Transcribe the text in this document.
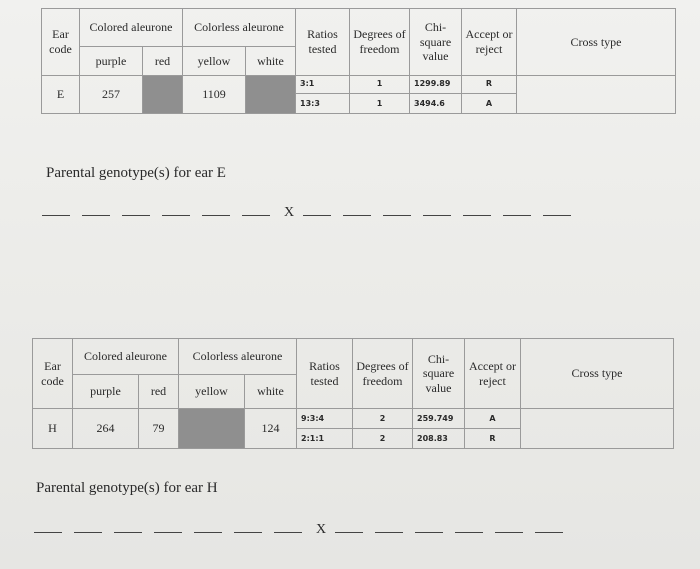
Ear code	Colored aleurone		Colorless aleurone		Ratios tested	Degrees of freedom	Chi-square value	Accept or reject	Cross type
	purple	red	yellow	white					
E	257		1109		3:1	1	1299.89	R	
					13:3	1	3494.6	A	
Parental genotype(s) for ear E
X
Ear code	Colored aleurone		Colorless aleurone		Ratios tested	Degrees of freedom	Chi-square value	Accept or reject	Cross type
	purple	red	yellow	white					
H	264	79		124	9:3:4	2	259.749	A	
					2:1:1	2	208.83	R	
Parental genotype(s) for ear H
X
